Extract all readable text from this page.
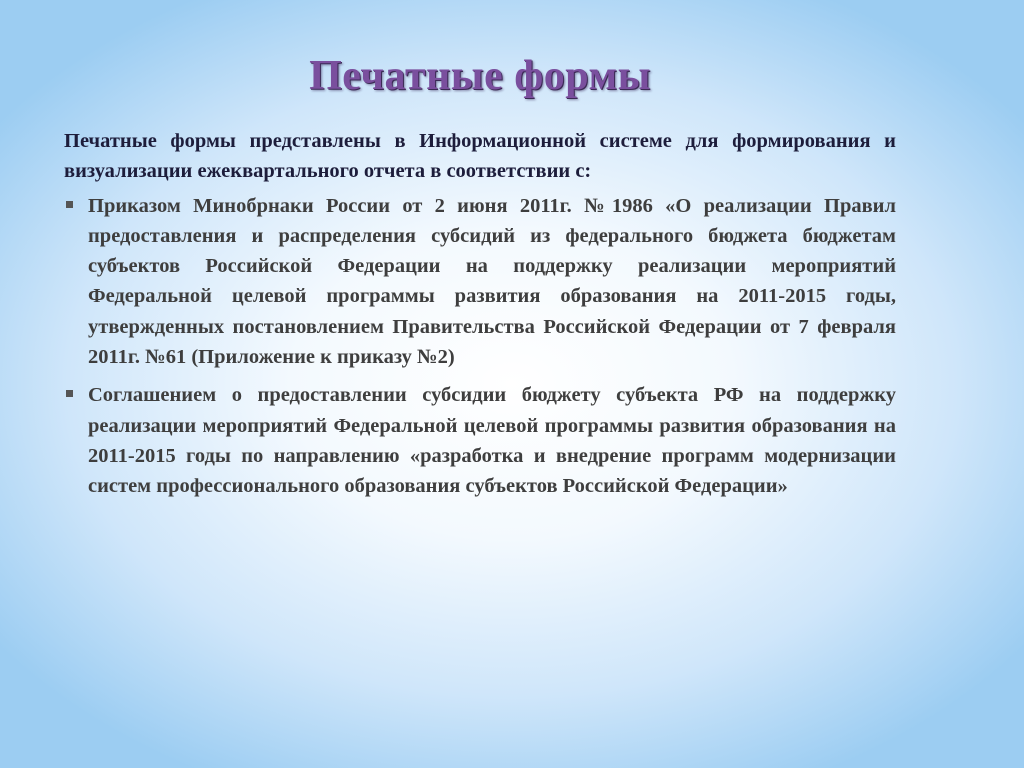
Печатные формы

Печатные формы представлены в Информационной системе для формирования и визуализации ежеквартального отчета в соответствии с:

Приказом Минобрнаки России от 2 июня 2011г. №1986 «О реализации Правил предоставления и распределения субсидий из федерального бюджета бюджетам субъектов Российской Федерации на поддержку реализации мероприятий Федеральной целевой программы развития образования на 2011-2015 годы, утвержденных постановлением Правительства Российской Федерации от 7 февраля 2011г. №61 (Приложение к приказу №2)
Соглашением о предоставлении субсидии бюджету субъекта РФ на поддержку реализации мероприятий Федеральной целевой программы развития образования на 2011-2015 годы по направлению «разработка и внедрение программ модернизации систем профессионального образования субъектов Российской Федерации»
